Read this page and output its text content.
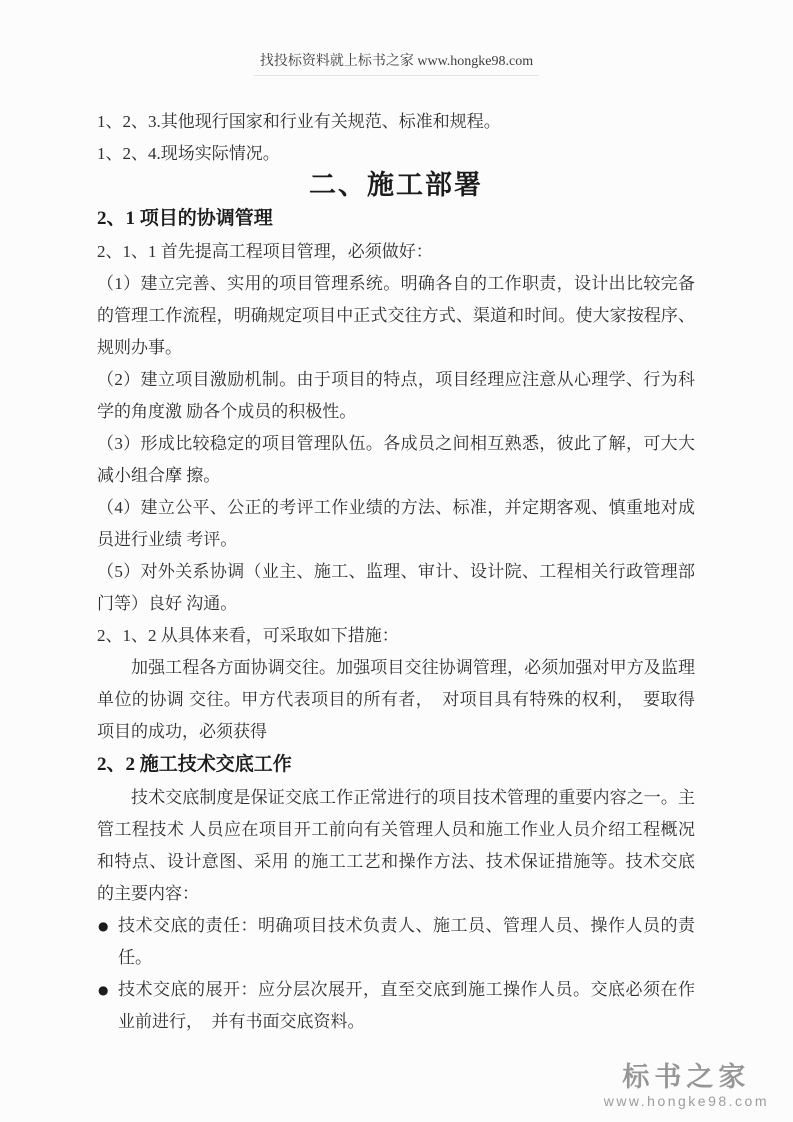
找投标资料就上标书之家 www.hongke98.com

1、2、3.其他现行国家和行业有关规范、标准和规程。

1、2、4.现场实际情况。

二、施工部署
2、1 项目的协调管理

2、1、1 首先提高工程项目管理，必须做好：

（1）建立完善、实用的项目管理系统。明确各自的工作职责，设计出比较完备的管理工作流程，明确规定项目中正式交往方式、渠道和时间。使大家按程序、规则办事。

（2）建立项目激励机制。由于项目的特点，项目经理应注意从心理学、行为科学的角度激 励各个成员的积极性。

（3）形成比较稳定的项目管理队伍。各成员之间相互熟悉，彼此了解，可大大减小组合摩 擦。

（4）建立公平、公正的考评工作业绩的方法、标准，并定期客观、慎重地对成员进行业绩 考评。

（5）对外关系协调（业主、施工、监理、审计、设计院、工程相关行政管理部门等）良好 沟通。

2、1、2 从具体来看，可采取如下措施：

加强工程各方面协调交往。加强项目交往协调管理，必须加强对甲方及监理单位的协调 交往。甲方代表项目的所有者，　对项目具有特殊的权利，　要取得项目的成功，必须获得

2、2 施工技术交底工作

技术交底制度是保证交底工作正常进行的项目技术管理的重要内容之一。主管工程技术 人员应在项目开工前向有关管理人员和施工作业人员介绍工程概况和特点、设计意图、采用 的施工工艺和操作方法、技术保证措施等。技术交底的主要内容：

● 技术交底的责任：明确项目技术负责人、施工员、管理人员、操作人员的责任。

● 技术交底的展开：应分层次展开，直至交底到施工操作人员。交底必须在作业前进行，　并有书面交底资料。

标书之家
www.hongke98.com
